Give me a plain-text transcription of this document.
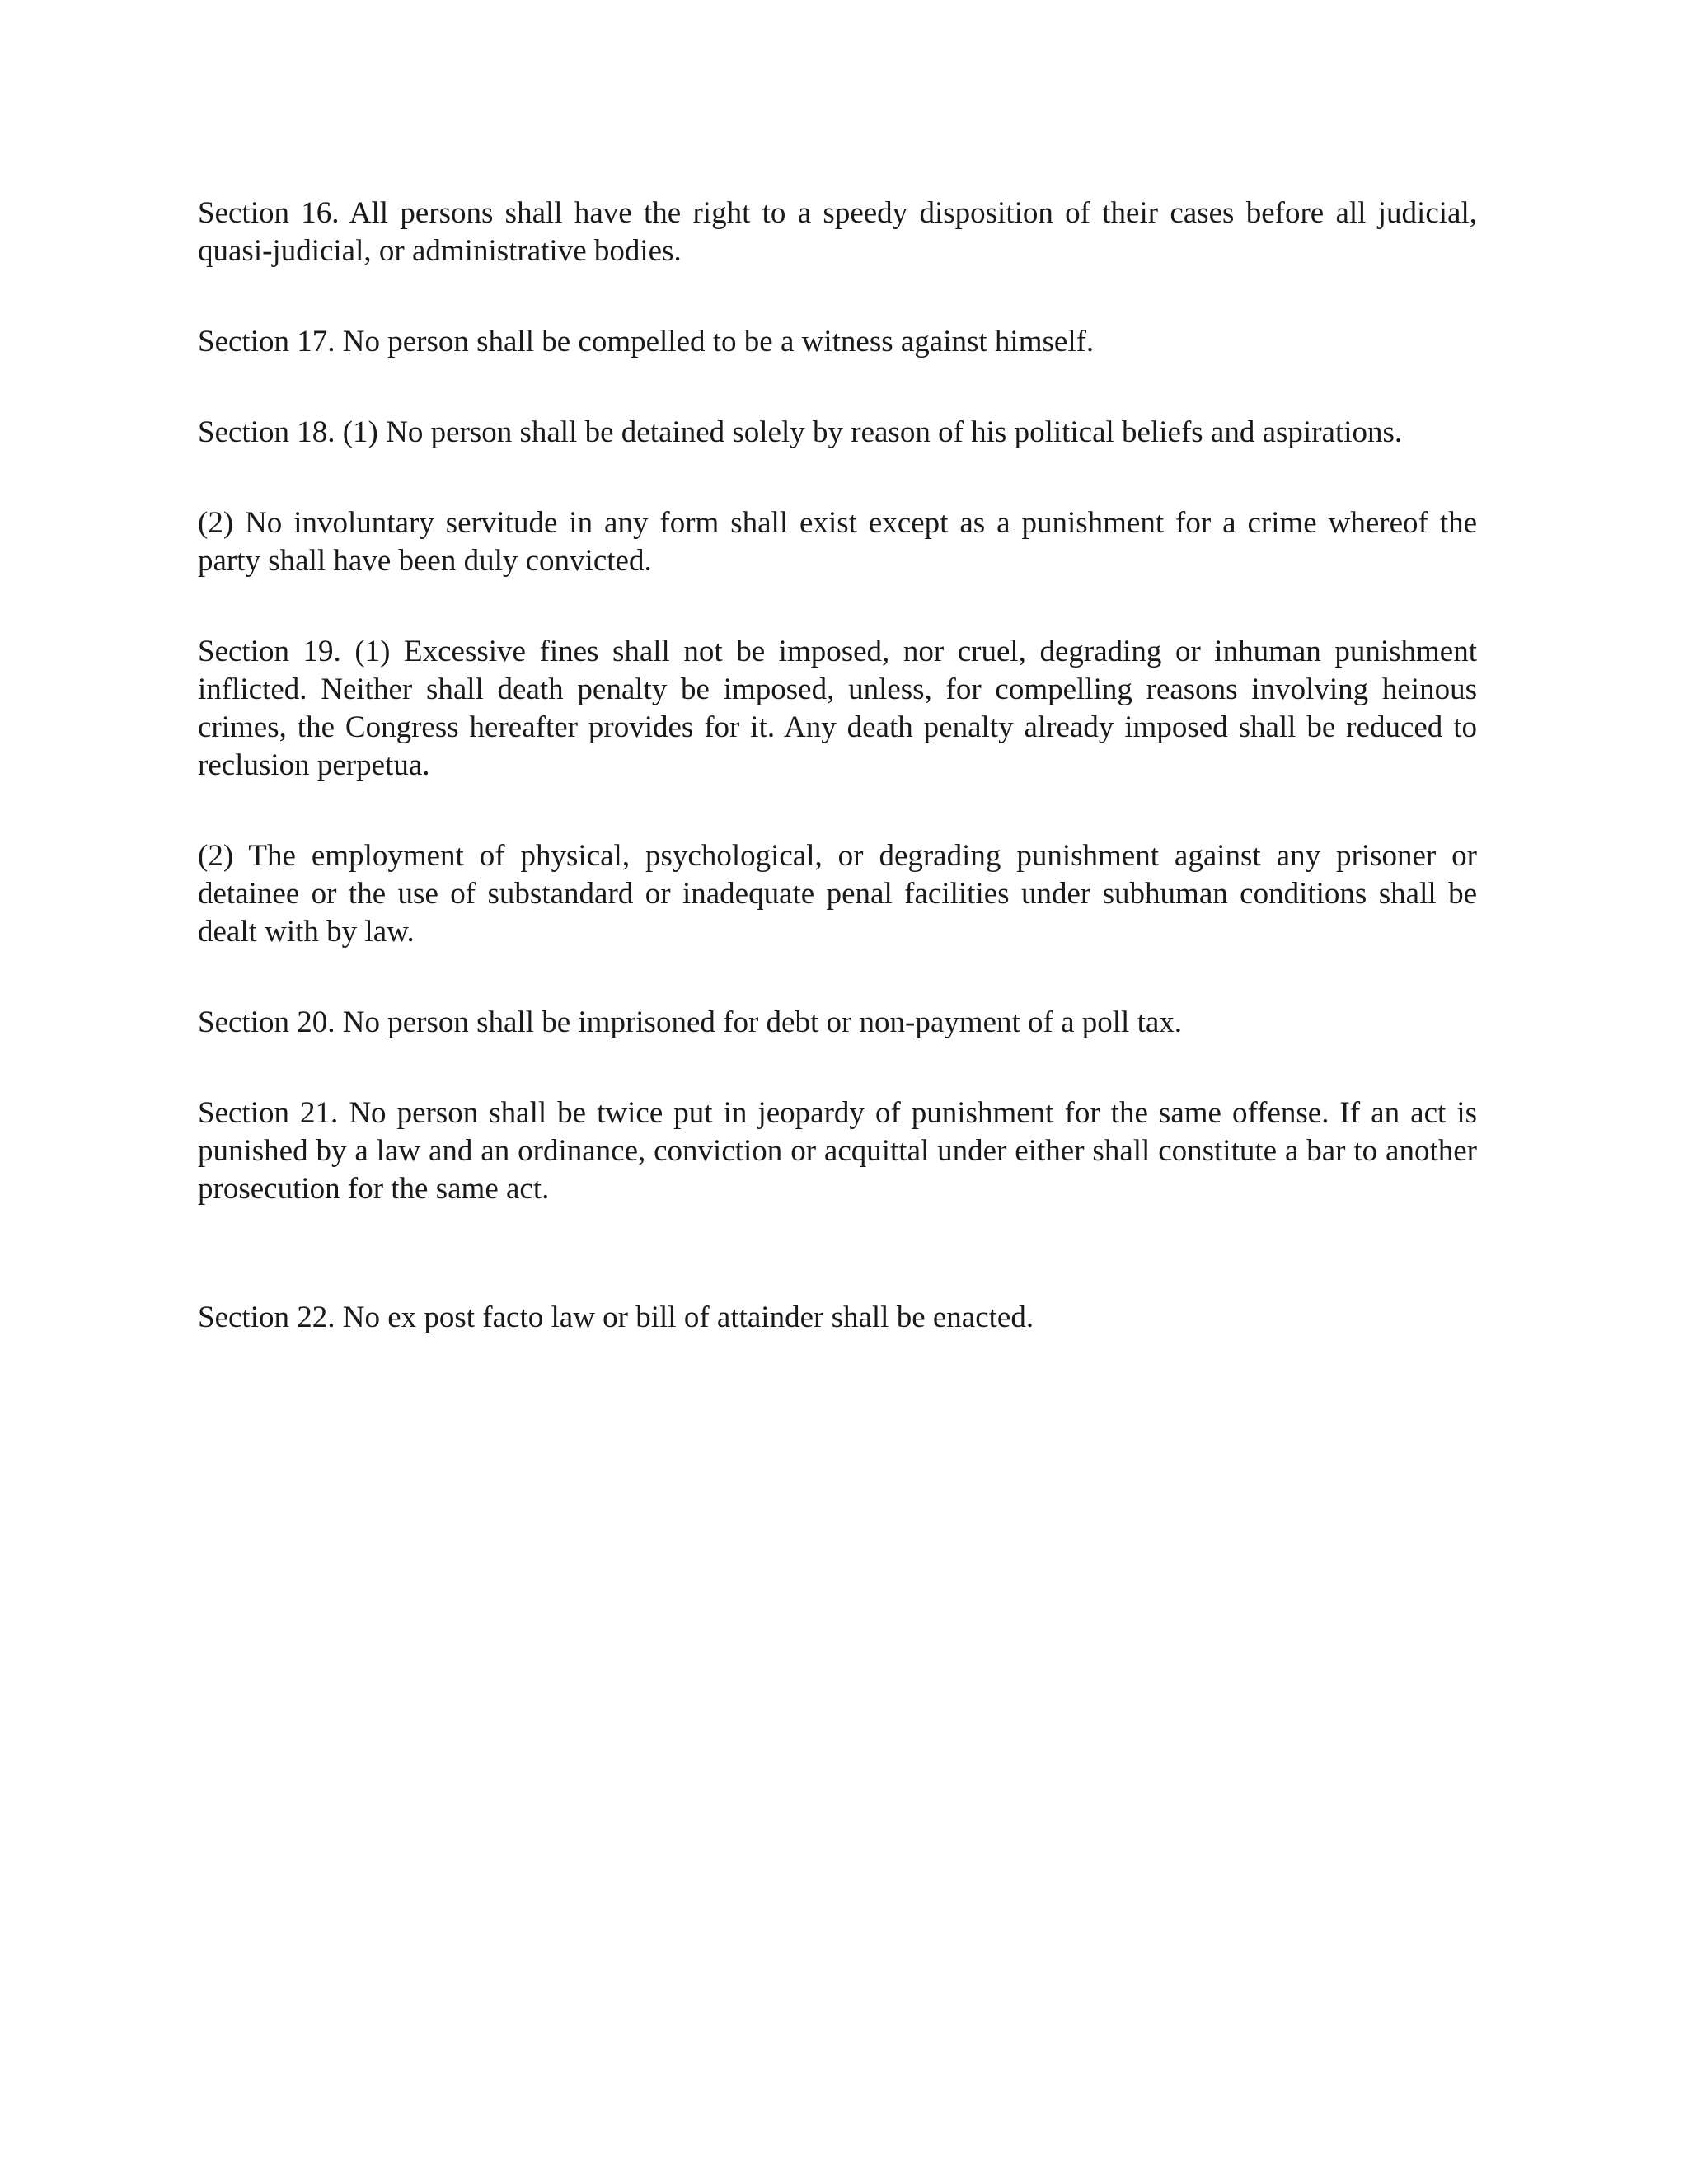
Section 16. All persons shall have the right to a speedy disposition of their cases before all judicial, quasi-judicial, or administrative bodies.

Section 17. No person shall be compelled to be a witness against himself.

Section 18. (1) No person shall be detained solely by reason of his political beliefs and aspirations.

(2) No involuntary servitude in any form shall exist except as a punishment for a crime whereof the party shall have been duly convicted.

Section 19. (1) Excessive fines shall not be imposed, nor cruel, degrading or inhuman punishment inflicted. Neither shall death penalty be imposed, unless, for compelling reasons involving heinous crimes, the Congress hereafter provides for it. Any death penalty already imposed shall be reduced to reclusion perpetua.

(2) The employment of physical, psychological, or degrading punishment against any prisoner or detainee or the use of substandard or inadequate penal facilities under subhuman conditions shall be dealt with by law.

Section 20. No person shall be imprisoned for debt or non-payment of a poll tax.

Section 21. No person shall be twice put in jeopardy of punishment for the same offense. If an act is punished by a law and an ordinance, conviction or acquittal under either shall constitute a bar to another prosecution for the same act.

Section 22. No ex post facto law or bill of attainder shall be enacted.
